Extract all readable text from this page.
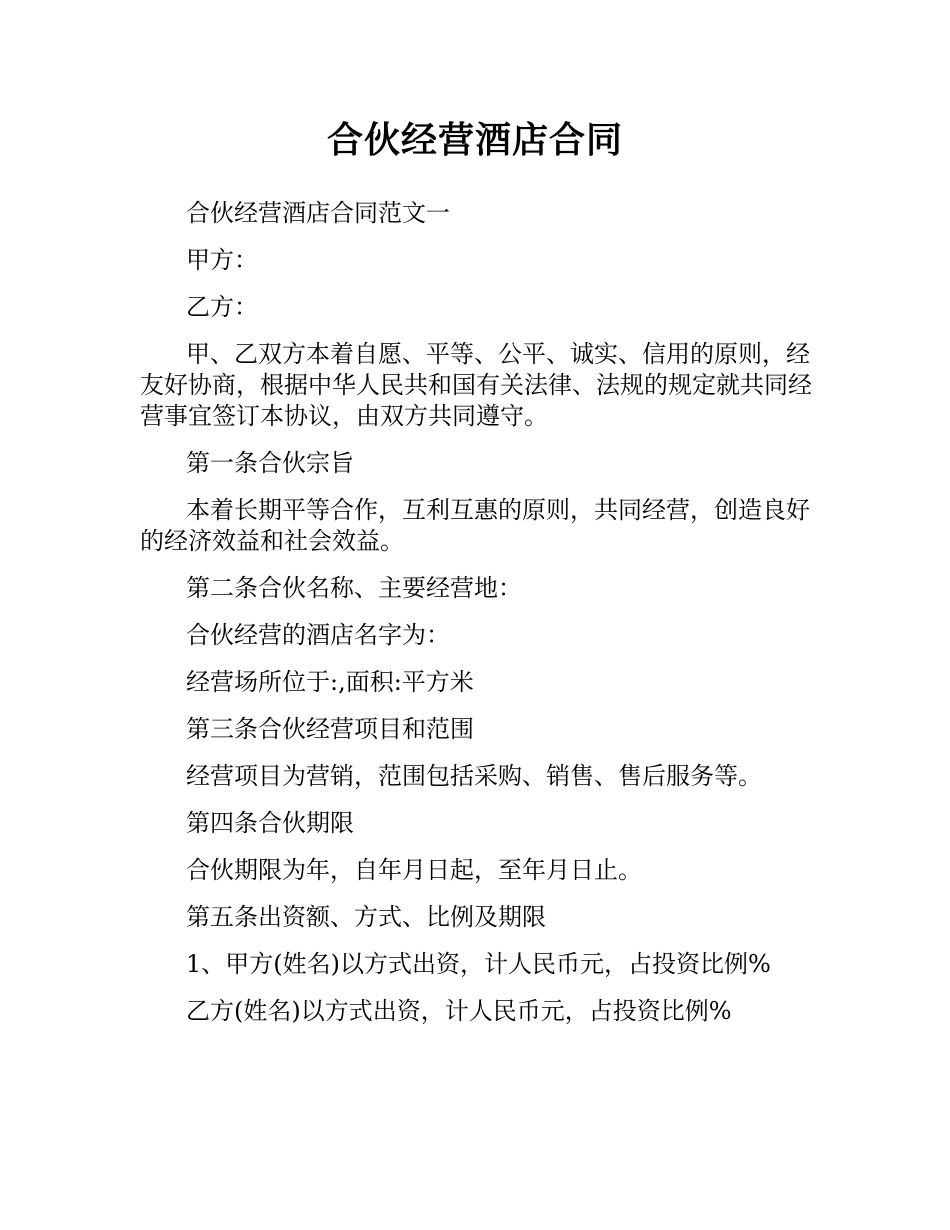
合伙经营酒店合同

合伙经营酒店合同范文一

甲方：

乙方：

甲、乙双方本着自愿、平等、公平、诚实、信用的原则，经友好协商，根据中华人民共和国有关法律、法规的规定就共同经营事宜签订本协议，由双方共同遵守。

第一条合伙宗旨

本着长期平等合作，互利互惠的原则，共同经营，创造良好的经济效益和社会效益。

第二条合伙名称、主要经营地：

合伙经营的酒店名字为：

经营场所位于:,面积:平方米

第三条合伙经营项目和范围

经营项目为营销，范围包括采购、销售、售后服务等。

第四条合伙期限

合伙期限为年，自年月日起，至年月日止。

第五条出资额、方式、比例及期限

1、甲方(姓名)以方式出资，计人民币元，占投资比例%

乙方(姓名)以方式出资，计人民币元，占投资比例%
